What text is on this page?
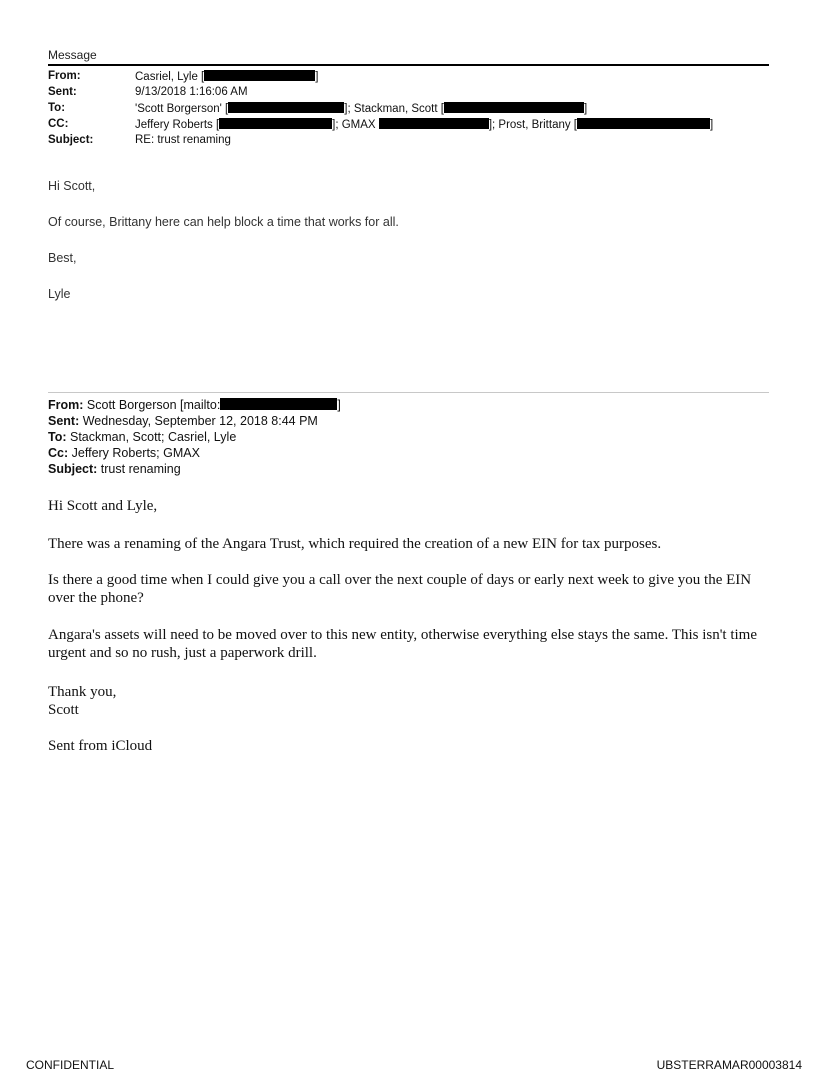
Message
From:	Casriel, Lyle [	]
Sent:	9/13/2018 1:16:06 AM
To:	'Scott Borgerson' [	]; Stackman, Scott [	]
CC:	Jeffery Roberts [	]; GMAX	]; Prost, Brittany [	]
Subject:	RE: trust renaming
Hi Scott,
Of course, Brittany here can help block a time that works for all.
Best,
Lyle
From: Scott Borgerson [mailto:	]
Sent: Wednesday, September 12, 2018 8:44 PM
To: Stackman, Scott; Casriel, Lyle
Cc: Jeffery Roberts; GMAX
Subject: trust renaming
Hi Scott and Lyle,
There was a renaming of the Angara Trust, which required the creation of a new EIN for tax purposes.
Is there a good time when I could give you a call over the next couple of days or early next week to give you the EIN over the phone?
Angara's assets will need to be moved over to this new entity, otherwise everything else stays the same. This isn't time urgent and so no rush, just a paperwork drill.
Thank you,
Scott
Sent from iCloud
CONFIDENTIAL	UBSTERRAMAR00003814
